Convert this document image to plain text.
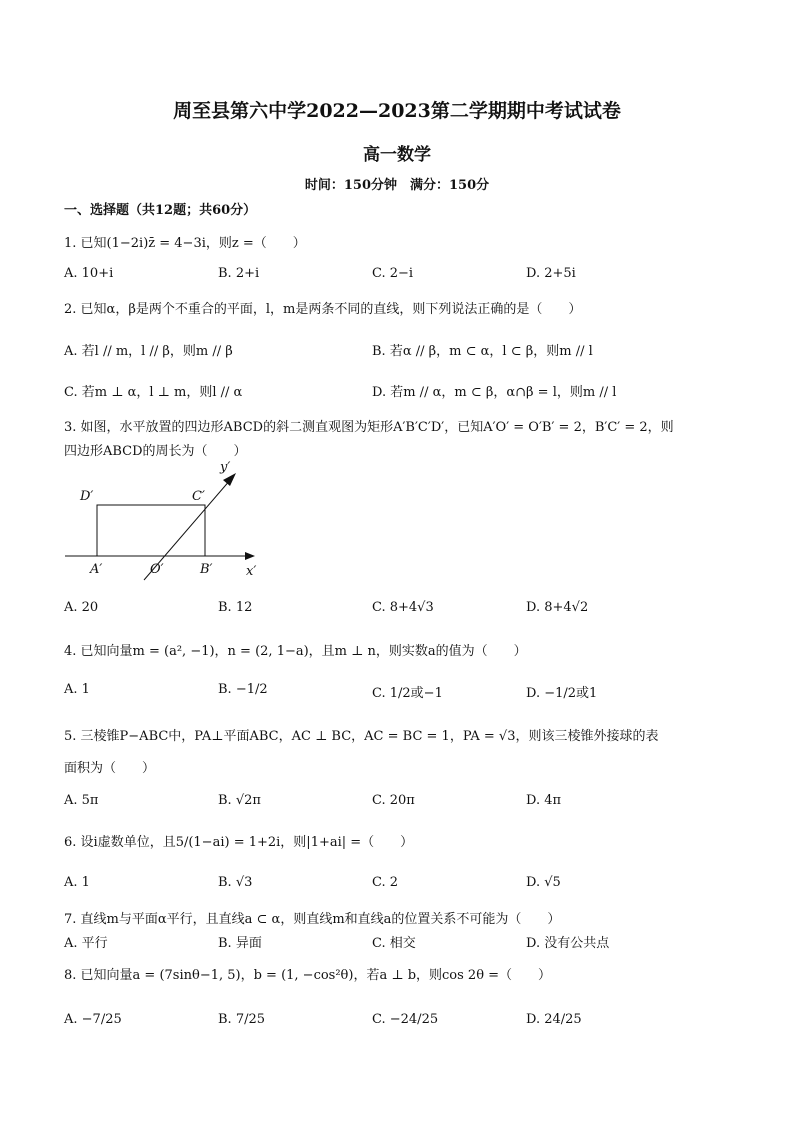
周至县第六中学2022—2023第二学期期中考试试卷
高一数学
时间：150分钟　满分：150分
一、选择题（共12题；共60分）
1. 已知(1−2i)z̄ = 4−3i，则z =（　　）
A. 10+i	B. 2+i	C. 2−i	D. 2+5i
2. 已知α，β是两个不重合的平面，l，m是两条不同的直线，则下列说法正确的是（　　）
A. 若l // m，l // β，则m // β	B. 若α // β，m ⊂ α，l ⊂ β，则m // l
C. 若m ⊥ α，l ⊥ m，则l // α	D. 若m // α，m ⊂ β，α∩β = l，则m // l
3. 如图，水平放置的四边形ABCD的斜二测直观图为矩形A′B′C′D′，已知A′O′ = O′B′ = 2，B′C′ = 2，则
四边形ABCD的周长为（　　）
D′	C′
A′	O′	B′	x′
y′
A. 20	B. 12	C. 8+4√3	D. 8+4√2
4. 已知向量m = (a², −1)，n = (2, 1−a)，且m ⊥ n，则实数a的值为（　　）
A. 1	B. −1/2	C. 1/2或−1	D. −1/2或1
5. 三棱锥P−ABC中，PA⊥平面ABC，AC ⊥ BC，AC = BC = 1，PA = √3，则该三棱锥外接球的表
面积为（　　）
A. 5π	B. √2π	C. 20π	D. 4π
6. 设i虚数单位，且5/(1−ai) = 1+2i，则|1+ai| =（　　）
A. 1	B. √3	C. 2	D. √5
7. 直线m与平面α平行，且直线a ⊂ α，则直线m和直线a的位置关系不可能为（　　）
A. 平行	B. 异面	C. 相交	D. 没有公共点
8. 已知向量a = (7sinθ−1, 5)，b = (1, −cos²θ)，若a ⊥ b，则cos 2θ =（　　）
A. −7/25	B. 7/25	C. −24/25	D. 24/25
